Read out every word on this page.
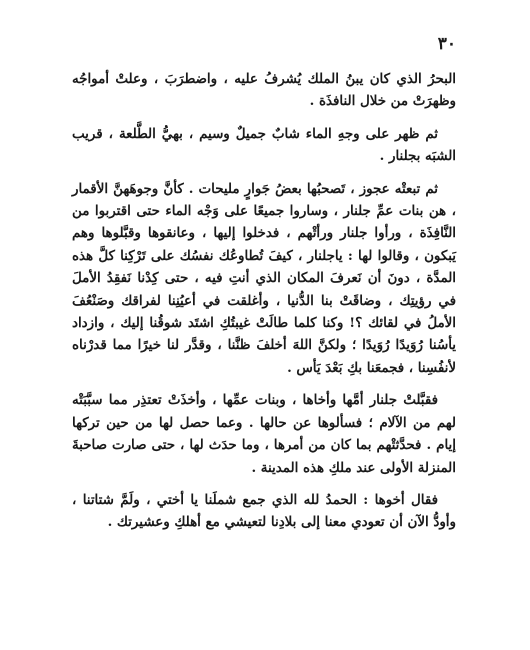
٣٠

البحرُ الذي كان يبنُ الملك يُشرفُ عليه ، واضطرَبَ ، وعلتْ أمواجُه وظهرَتْ من خلال النافذَة .

ثم ظهر على وجهِ الماء شابٌ جميلٌ وسيم ، بهيُّ الطَّلعة ، قريب الشبَه بجلنار .

ثم تبعتْه عجوز ، تَصحبُها بعضُ جَوارٍ مليحات . كأنَّ وجوهَهنَّ الأقمار ، هن بنات عمِّ جلنار ، وساروا جميعًا على وَجْه الماء حتى اقتربوا من النَّافِذَة ، ورأوا جلنار ورأتْهم ، فدخلوا إليها ، وعانقوها وقبَّلوها وهم يَبكون ، وقالوا لها : ياجلنار ، كيفَ تُطاوعُك نفسُك على تَرْكِنا كلَّ هذه المدَّة ، دونَ أن نَعرفَ المكان الذي أنتِ فيه ، حتى كِدْنا نَفقِدُ الأملَ في رؤيتِك ، وضاقَتْ بنا الدُّنيا ، وأغلقت في أعيُنِنا لفراقك وصَنْعُفَ الأملُ في لقائك ؟! وكنا كلما طالَتْ غيبتُكِ اشتَد شوقُنا إليك ، وازداد يأسُنا رُوَيدًا رُوَيدًا ؛ ولكنَّ اللهَ أخلفَ ظنَّنا ، وقدَّر لنا خيرًا مما قدرْناه لأنفُسِنا ، فجمعَنا بكِ بَعْدَ يَأس .

فقبَّلتْ جلنار أمَّها وأخاها ، وبنات عمِّها ، وأخذَتْ تعتذِر مما سبَّبَتْه لهم من الآلام ؛ فسألوها عن حالها . وعما حصل لها من حين تركها إيام . فحدَّثتْهم بما كان من أمرها ، وما حدَث لها ، حتى صارت صاحبةَ المنزلة الأولى عند ملكِ هذه المدينة .

فقال أخوها : الحمدُ لله الذي جمع شملَنا يا أختي ، ولَمَّ شتاتنا ، وأودُّ الآن أن تعودي معنا إلى بلادِنا لتعيشي مع أهلكِ وعشيرتك .
